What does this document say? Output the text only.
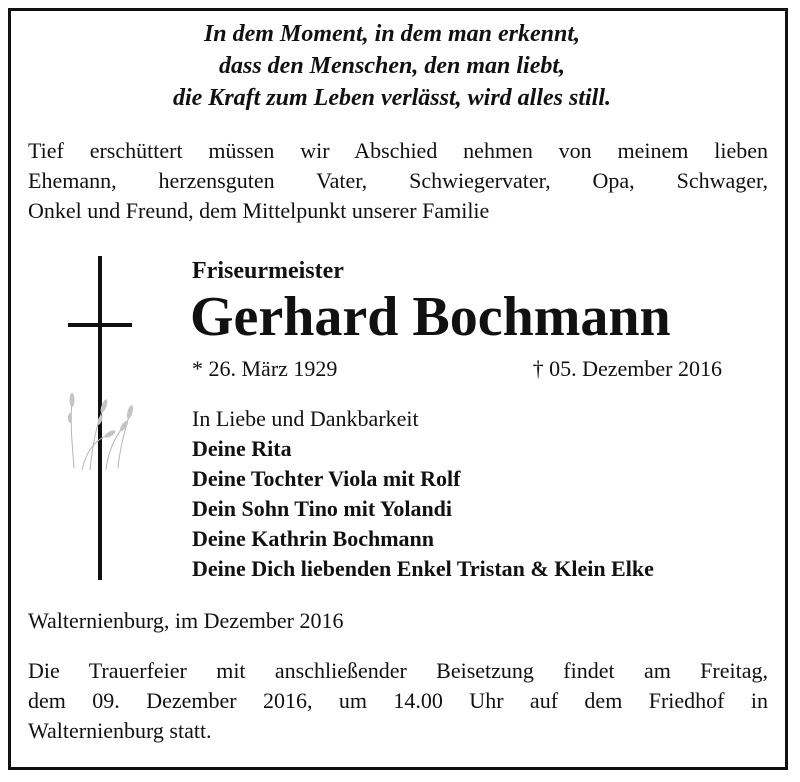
In dem Moment, in dem man erkennt,
dass den Menschen, den man liebt,
die Kraft zum Leben verlässt, wird alles still.
Tief erschüttert müssen wir Abschied nehmen von meinem lieben
Ehemann, herzensguten Vater, Schwiegervater, Opa, Schwager,
Onkel und Freund, dem Mittelpunkt unserer Familie
Friseurmeister
Gerhard Bochmann
* 26. März 1929	† 05. Dezember 2016
In Liebe und Dankbarkeit
Deine Rita
Deine Tochter Viola mit Rolf
Dein Sohn Tino mit Yolandi
Deine Kathrin Bochmann
Deine Dich liebenden Enkel Tristan & Klein Elke
Walternienburg, im Dezember 2016
Die Trauerfeier mit anschließender Beisetzung findet am Freitag,
dem 09. Dezember 2016, um 14.00 Uhr auf dem Friedhof in
Walternienburg statt.
